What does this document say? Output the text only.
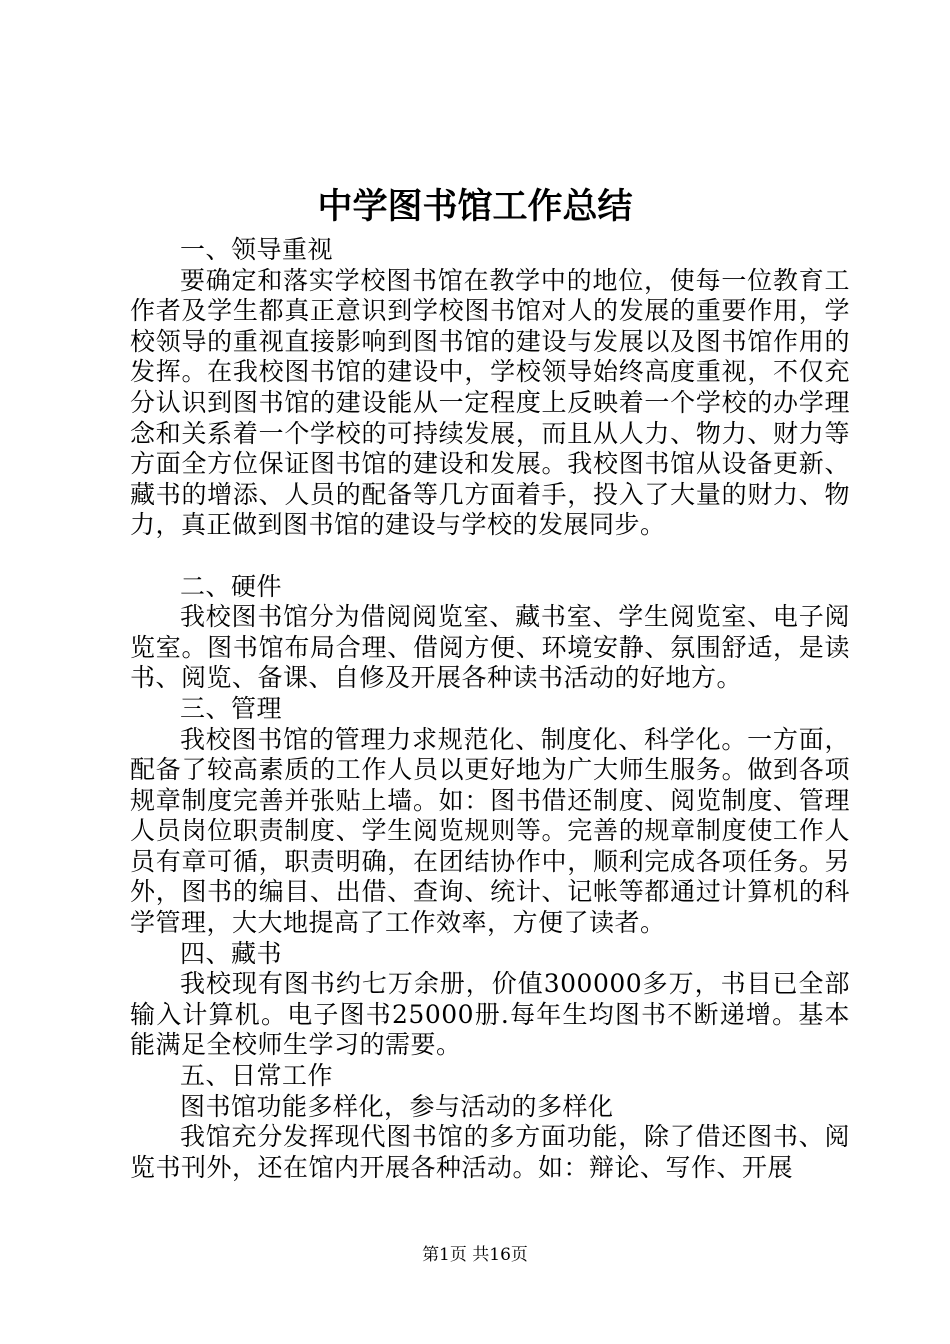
中学图书馆工作总结

一、领导重视

要确定和落实学校图书馆在教学中的地位，使每一位教育工作者及学生都真正意识到学校图书馆对人的发展的重要作用，学校领导的重视直接影响到图书馆的建设与发展以及图书馆作用的发挥。在我校图书馆的建设中，学校领导始终高度重视，不仅充分认识到图书馆的建设能从一定程度上反映着一个学校的办学理念和关系着一个学校的可持续发展，而且从人力、物力、财力等方面全方位保证图书馆的建设和发展。我校图书馆从设备更新、藏书的增添、人员的配备等几方面着手，投入了大量的财力、物力，真正做到图书馆的建设与学校的发展同步。

二、硬件

我校图书馆分为借阅阅览室、藏书室、学生阅览室、电子阅览室。图书馆布局合理、借阅方便、环境安静、氛围舒适，是读书、阅览、备课、自修及开展各种读书活动的好地方。

三、管理

我校图书馆的管理力求规范化、制度化、科学化。一方面，配备了较高素质的工作人员以更好地为广大师生服务。做到各项规章制度完善并张贴上墙。如：图书借还制度、阅览制度、管理人员岗位职责制度、学生阅览规则等。完善的规章制度使工作人员有章可循，职责明确，在团结协作中，顺利完成各项任务。另外，图书的编目、出借、查询、统计、记帐等都通过计算机的科学管理，大大地提高了工作效率，方便了读者。

四、藏书

我校现有图书约七万余册，价值300000多万，书目已全部输入计算机。电子图书25000册.每年生均图书不断递增。基本能满足全校师生学习的需要。

五、日常工作

图书馆功能多样化，参与活动的多样化

我馆充分发挥现代图书馆的多方面功能，除了借还图书、阅览书刊外，还在馆内开展各种活动。如：辩论、写作、开展

第1页 共16页
